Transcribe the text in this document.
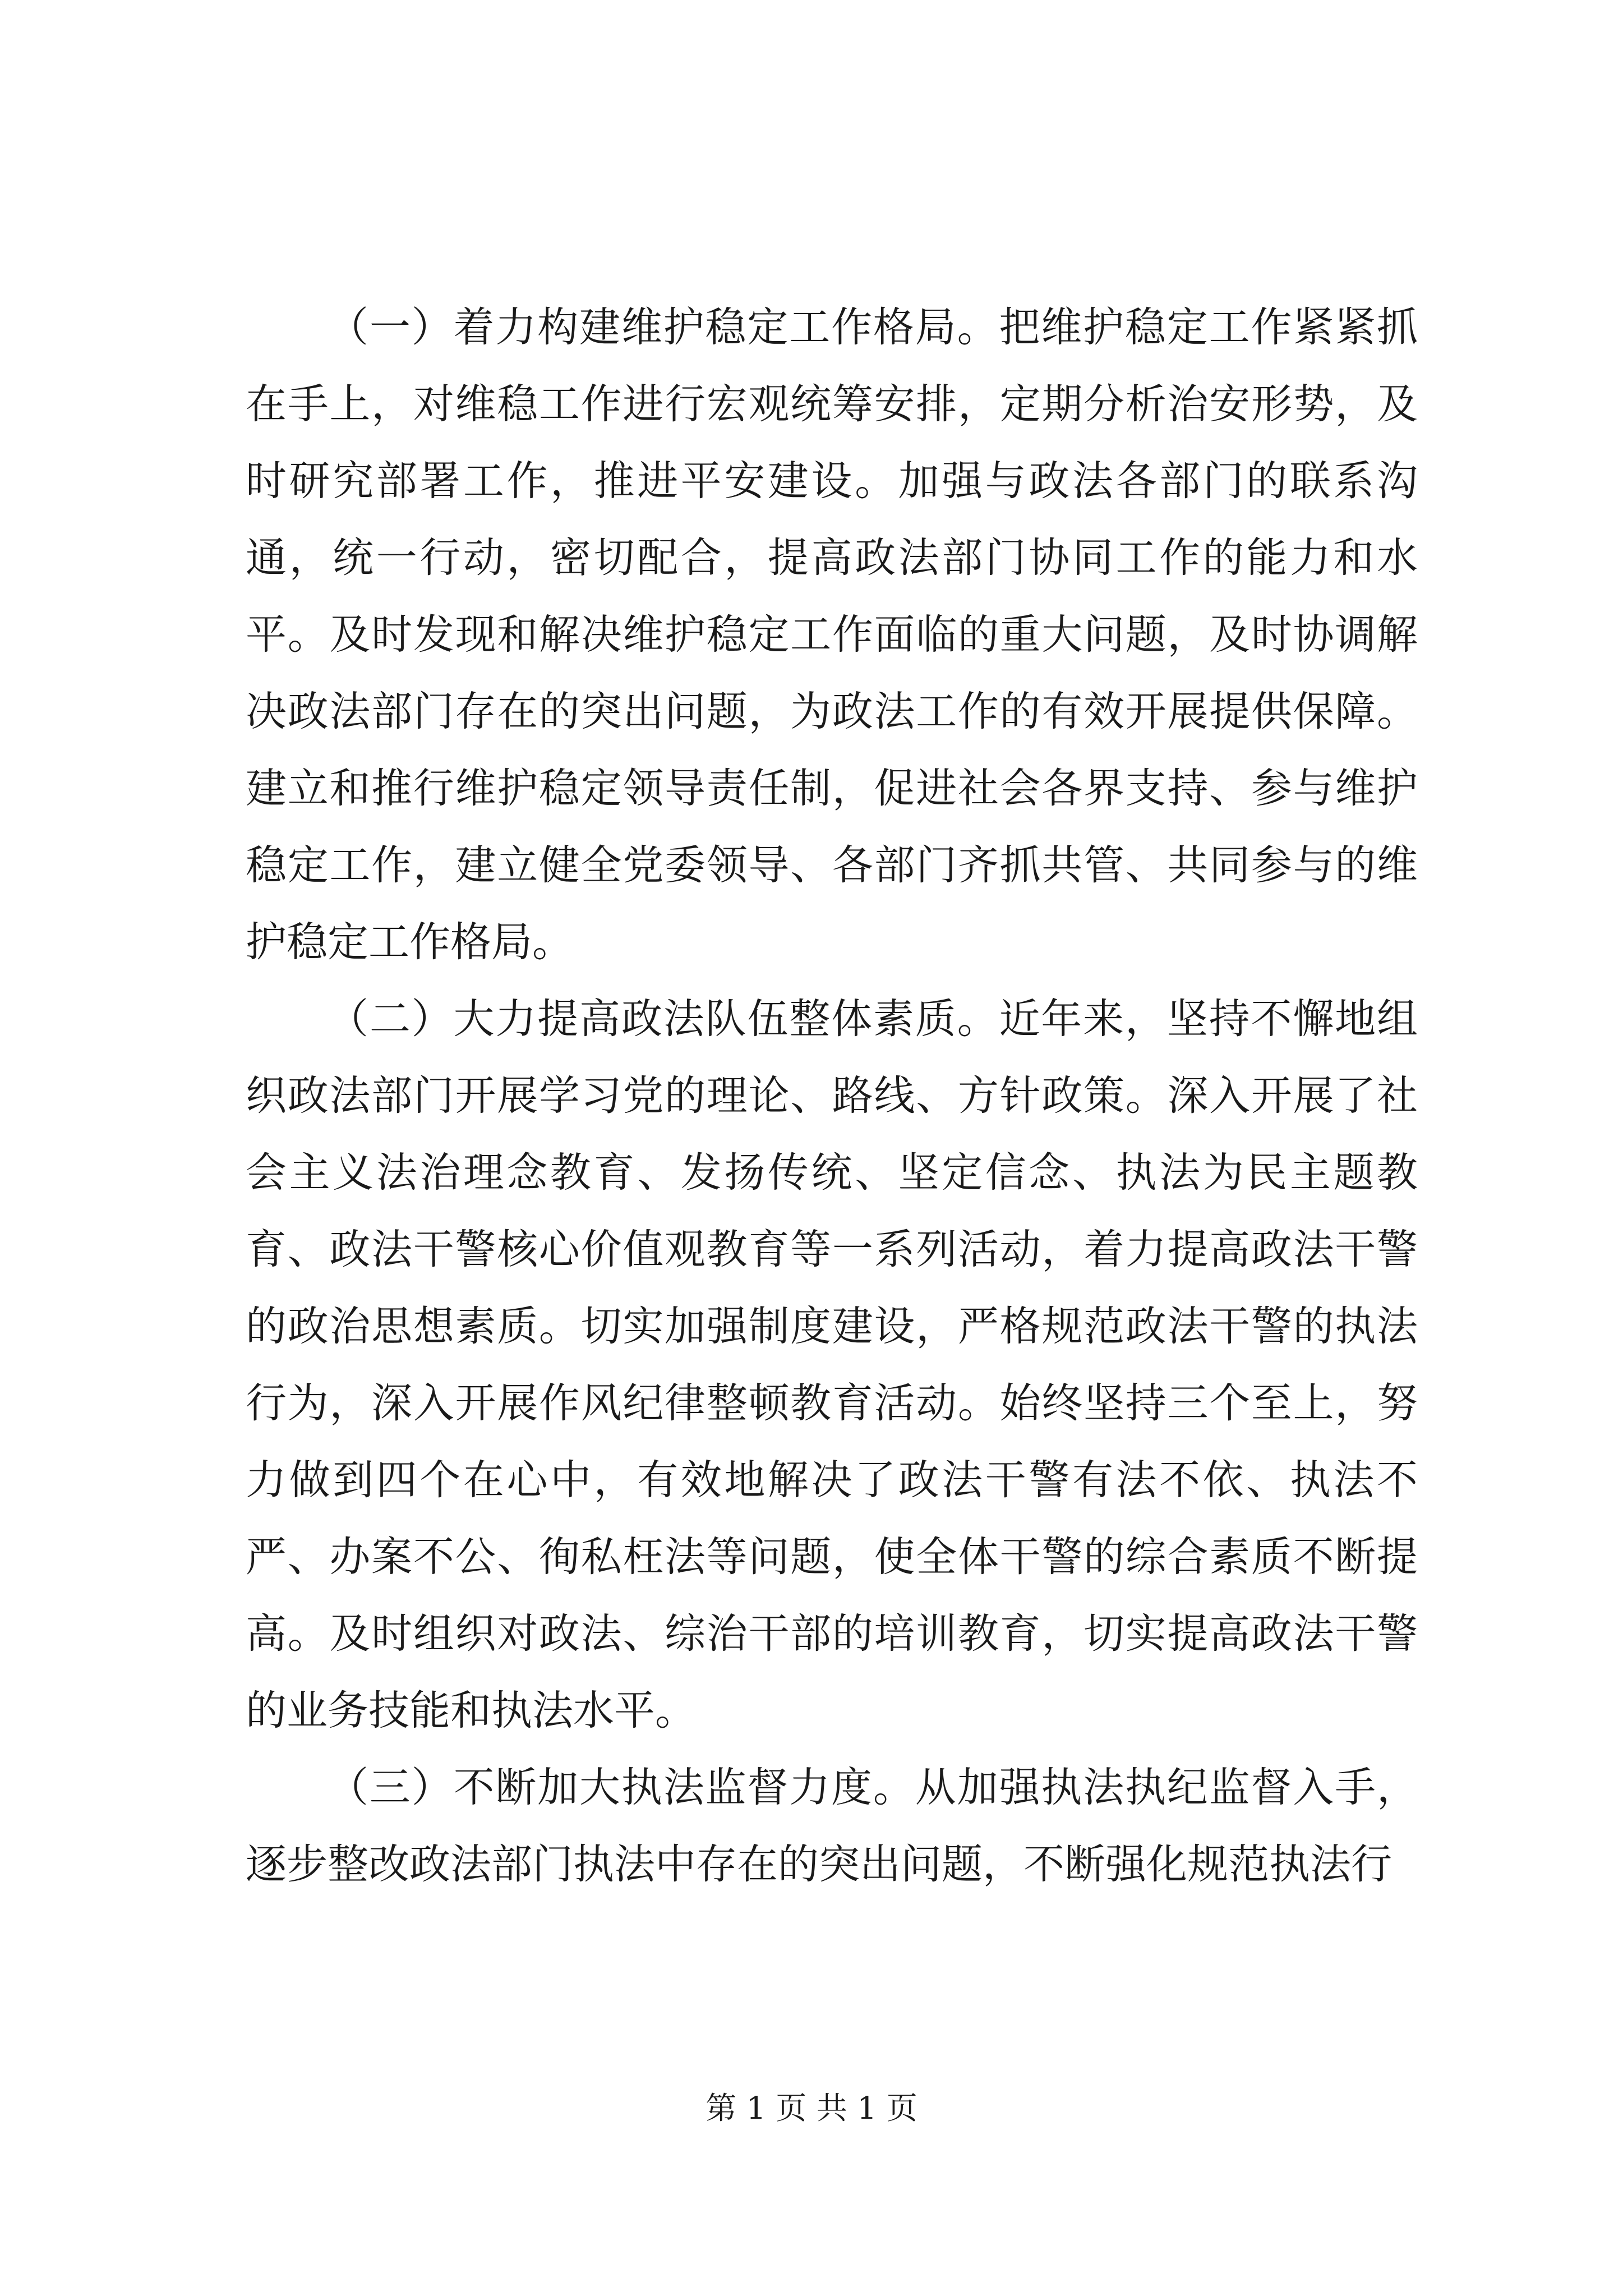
（一）着力构建维护稳定工作格局。把维护稳定工作紧紧抓在手上，对维稳工作进行宏观统筹安排，定期分析治安形势，及时研究部署工作，推进平安建设。加强与政法各部门的联系沟通，统一行动，密切配合，提高政法部门协同工作的能力和水平。及时发现和解决维护稳定工作面临的重大问题，及时协调解决政法部门存在的突出问题，为政法工作的有效开展提供保障。建立和推行维护稳定领导责任制，促进社会各界支持、参与维护稳定工作，建立健全党委领导、各部门齐抓共管、共同参与的维护稳定工作格局。

（二）大力提高政法队伍整体素质。近年来，坚持不懈地组织政法部门开展学习党的理论、路线、方针政策。深入开展了社会主义法治理念教育、发扬传统、坚定信念、执法为民主题教育、政法干警核心价值观教育等一系列活动，着力提高政法干警的政治思想素质。切实加强制度建设，严格规范政法干警的执法行为，深入开展作风纪律整顿教育活动。始终坚持三个至上，努力做到四个在心中，有效地解决了政法干警有法不依、执法不严、办案不公、徇私枉法等问题，使全体干警的综合素质不断提高。及时组织对政法、综治干部的培训教育，切实提高政法干警的业务技能和执法水平。

（三）不断加大执法监督力度。从加强执法执纪监督入手，逐步整改政法部门执法中存在的突出问题，不断强化规范执法行

第 1 页 共 1 页
